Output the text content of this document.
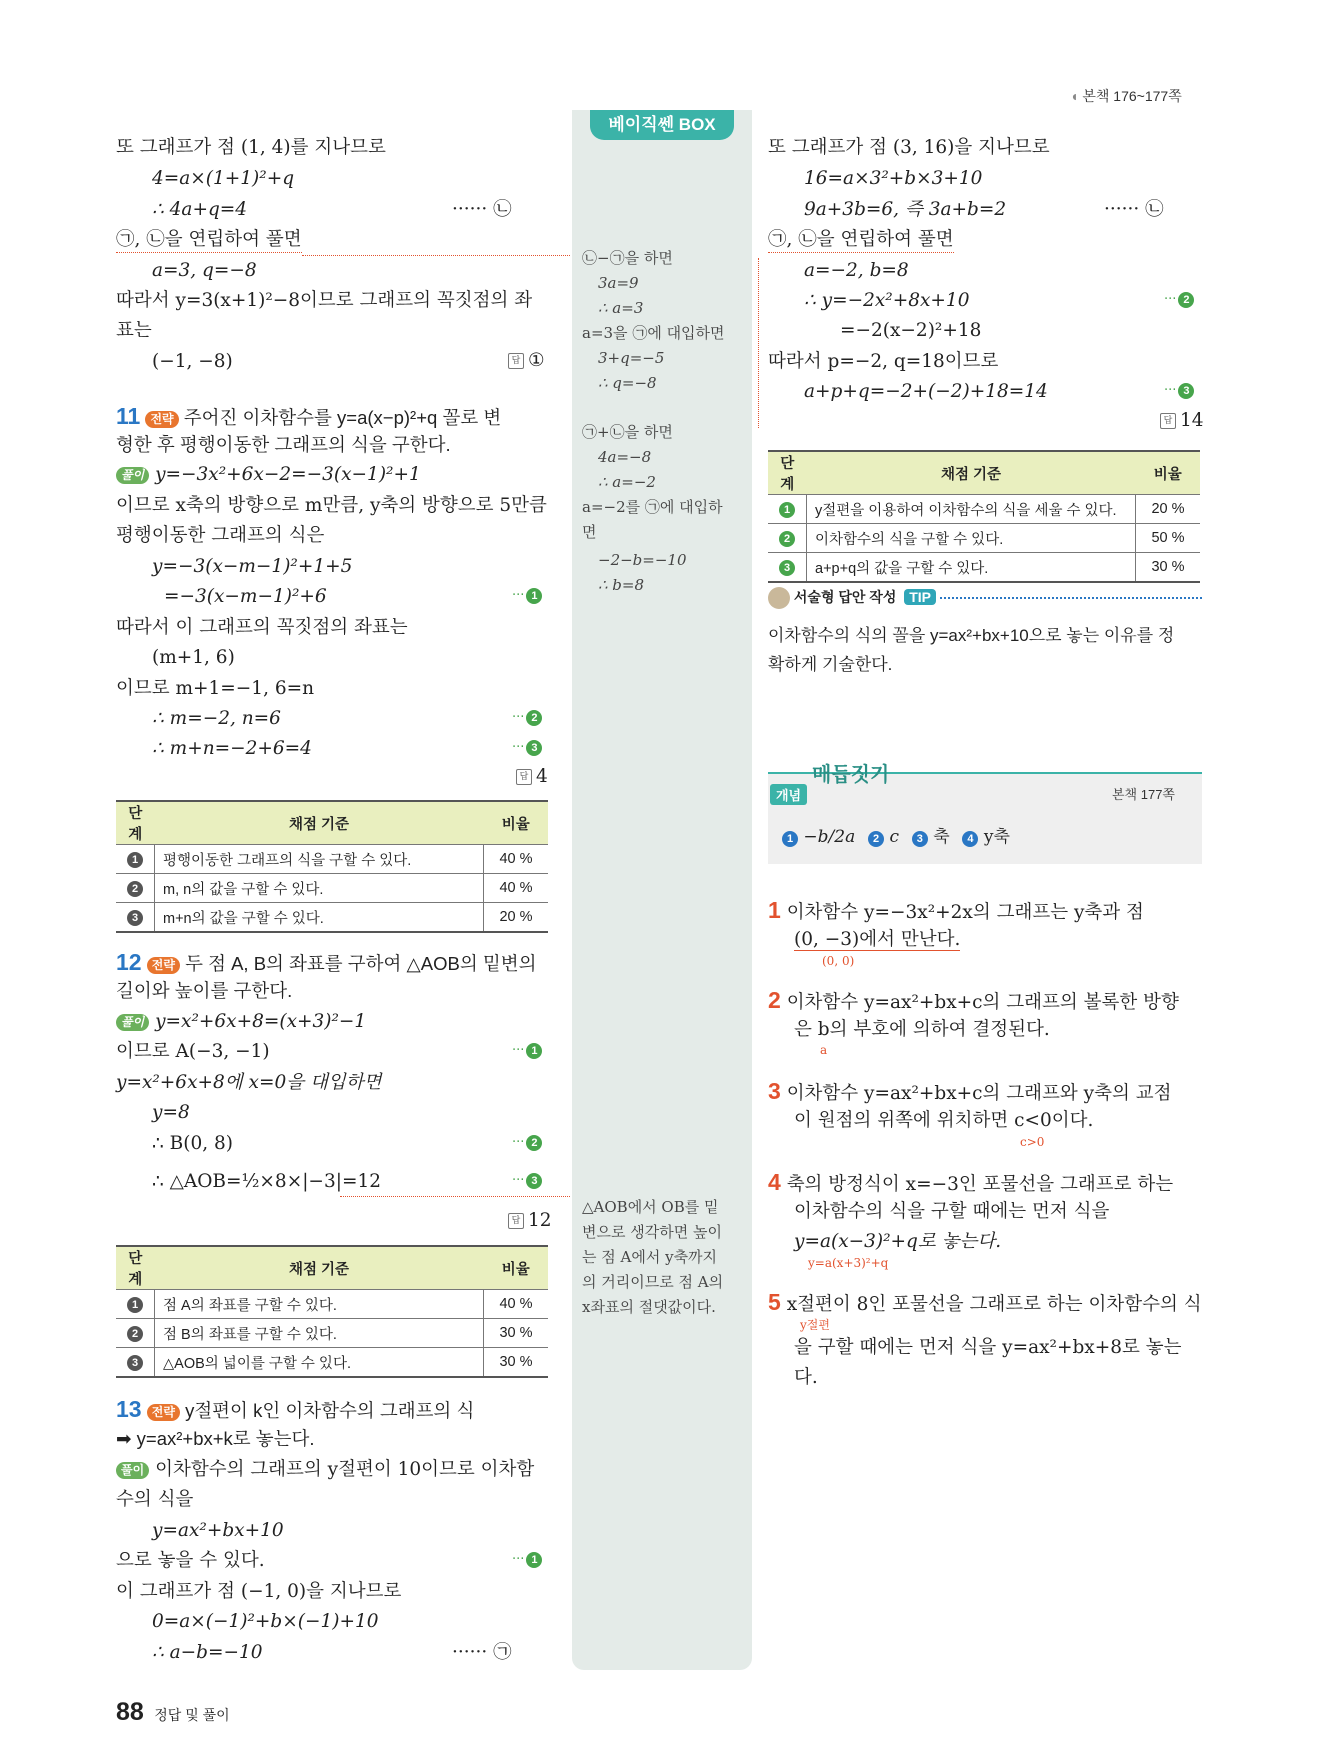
베이직쎈 BOX
◖ 본책 176~177쪽
또 그래프가 점 (1, 4)를 지나므로
4=a×(1+1)²+q
∴ 4a+q=4	······ ㉡
㉠, ㉡을 연립하여 풀면
a=3, q=−8
따라서 y=3(x+1)²−8이므로 그래프의 꼭짓점의 좌
표는
(−1, −8)	답 ①
11 전략 주어진 이차함수를 y=a(x−p)²+q 꼴로 변
형한 후 평행이동한 그래프의 식을 구한다.
풀이 y=−3x²+6x−2=−3(x−1)²+1
이므로 x축의 방향으로 m만큼, y축의 방향으로 5만큼
평행이동한 그래프의 식은
y=−3(x−m−1)²+1+5
=−3(x−m−1)²+6	··· 1
따라서 이 그래프의 꼭짓점의 좌표는
(m+1, 6)
이므로 m+1=−1, 6=n
∴ m=−2, n=6	··· 2
∴ m+n=−2+6=4	··· 3
답 4
단계	채점 기준	비율
1	평행이동한 그래프의 식을 구할 수 있다.	40 %
2	m, n의 값을 구할 수 있다.	40 %
3	m+n의 값을 구할 수 있다.	20 %
12 전략 두 점 A, B의 좌표를 구하여 △AOB의 밑변의
길이와 높이를 구한다.
풀이 y=x²+6x+8=(x+3)²−1
이므로 A(−3, −1)	··· 1
y=x²+6x+8에 x=0을 대입하면
y=8
∴ B(0, 8)	··· 2
∴ △AOB=½×8×|−3|=12	··· 3
답 12
단계	채점 기준	비율
1	점 A의 좌표를 구할 수 있다.	40 %
2	점 B의 좌표를 구할 수 있다.	30 %
3	△AOB의 넓이를 구할 수 있다.	30 %
13 전략 y절편이 k인 이차함수의 그래프의 식
➡ y=ax²+bx+k로 놓는다.
풀이 이차함수의 그래프의 y절편이 10이므로 이차함
수의 식을
y=ax²+bx+10
으로 놓을 수 있다.	··· 1
이 그래프가 점 (−1, 0)을 지나므로
0=a×(−1)²+b×(−1)+10
∴ a−b=−10	······ ㉠
㉡−㉠을 하면
3a=9
∴ a=3
a=3을 ㉠에 대입하면
3+q=−5
∴ q=−8
㉠+㉡을 하면
4a=−8
∴ a=−2
a=−2를 ㉠에 대입하
면
−2−b=−10
∴ b=8
△AOB에서 OB를 밑
변으로 생각하면 높이
는 점 A에서 y축까지
의 거리이므로 점 A의
x좌표의 절댓값이다.
또 그래프가 점 (3, 16)을 지나므로
16=a×3²+b×3+10
9a+3b=6, 즉 3a+b=2	······ ㉡
㉠, ㉡을 연립하여 풀면
a=−2, b=8
∴ y=−2x²+8x+10	··· 2
=−2(x−2)²+18
따라서 p=−2, q=18이므로
a+p+q=−2+(−2)+18=14	··· 3
답 14
단계	채점 기준	비율
1	y절편을 이용하여 이차함수의 식을 세울 수 있다.	20 %
2	이차함수의 식을 구할 수 있다.	50 %
3	a+p+q의 값을 구할 수 있다.	30 %
서술형 답안 작성 TIP
이차함수의 식의 꼴을 y=ax²+bx+10으로 놓는 이유를 정
확하게 기술한다.
개념
매듭짓기
본책 177쪽
1 −b/2a 2 c 3 축 4 y축
1 이차함수 y=−3x²+2x의 그래프는 y축과 점
(0, −3)에서 만난다.
(0, 0)
2 이차함수 y=ax²+bx+c의 그래프의 볼록한 방향
은 b의 부호에 의하여 결정된다.
a
3 이차함수 y=ax²+bx+c의 그래프와 y축의 교점
이 원점의 위쪽에 위치하면 c<0이다.
c>0
4 축의 방정식이 x=−3인 포물선을 그래프로 하는
이차함수의 식을 구할 때에는 먼저 식을
y=a(x−3)²+q로 놓는다.
y=a(x+3)²+q
5 x절편이 8인 포물선을 그래프로 하는 이차함수의 식
y절편
을 구할 때에는 먼저 식을 y=ax²+bx+8로 놓는
다.
88 정답 및 풀이
